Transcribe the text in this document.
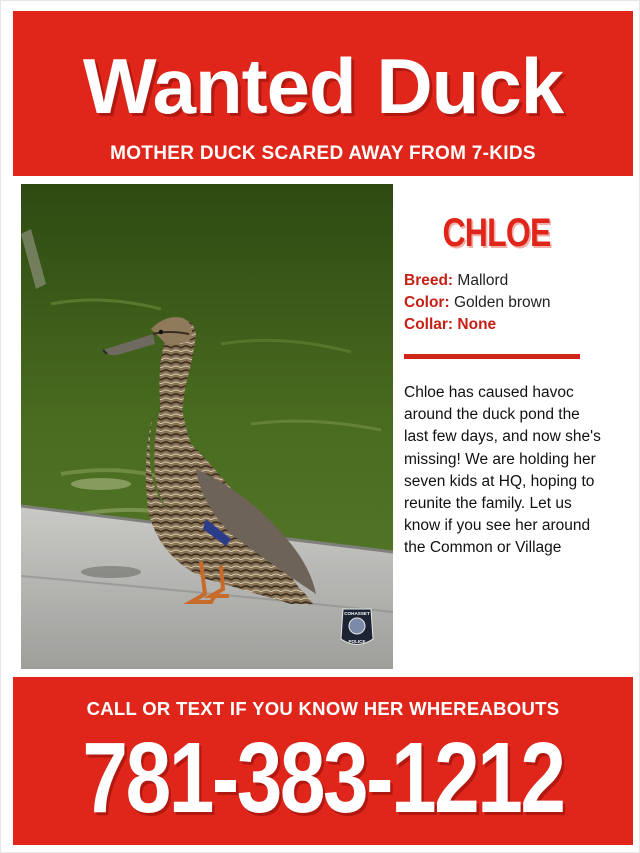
Wanted Duck
MOTHER DUCK SCARED AWAY FROM 7-KIDS
COHASSET
POLICE
CHLOE
Breed: Mallord
Color: Golden brown
Collar: None
Chloe has caused havoc around the duck pond the last few days, and now she's missing! We are holding her seven kids at HQ, hoping to reunite the family. Let us know if you see her around the Common or Village
CALL OR TEXT IF YOU KNOW HER WHEREABOUTS
781-383-1212
